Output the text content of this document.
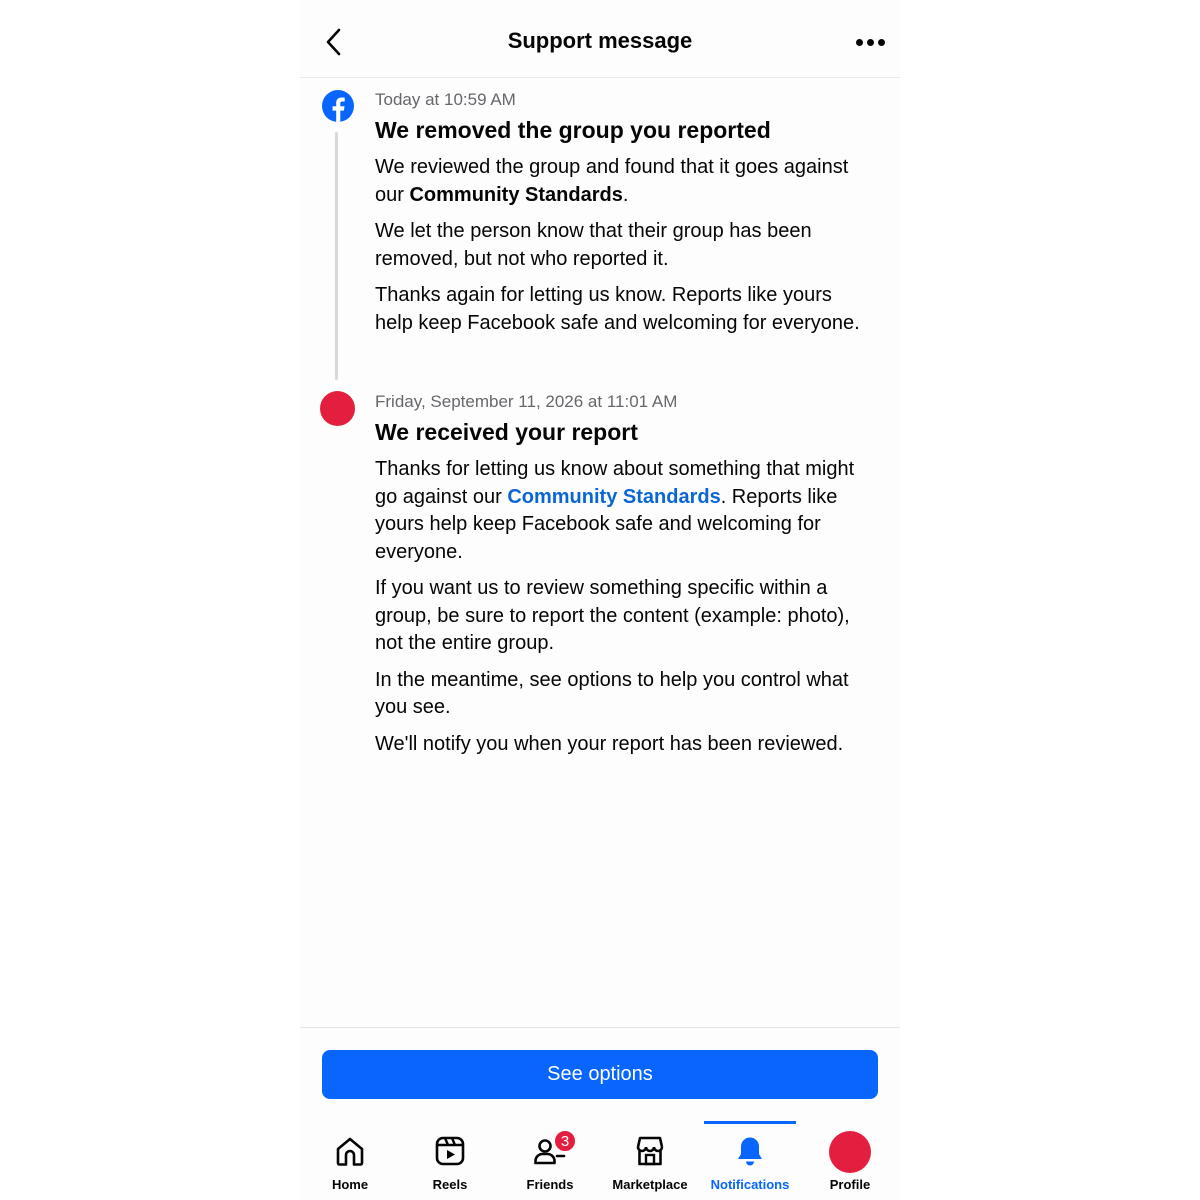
Support message
Today at 10:59 AM
We removed the group you reported
We reviewed the group and found that it goes against our Community Standards.
We let the person know that their group has been removed, but not who reported it.
Thanks again for letting us know. Reports like yours help keep Facebook safe and welcoming for everyone.
Friday, September 11, 2026 at 11:01 AM
We received your report
Thanks for letting us know about something that might go against our Community Standards. Reports like yours help keep Facebook safe and welcoming for everyone.
If you want us to review something specific within a group, be sure to report the content (example: photo), not the entire group.
In the meantime, see options to help you control what you see.
We'll notify you when your report has been reviewed.
See options
Home	Reels
3
Friends	Marketplace	Notifications	Profile
